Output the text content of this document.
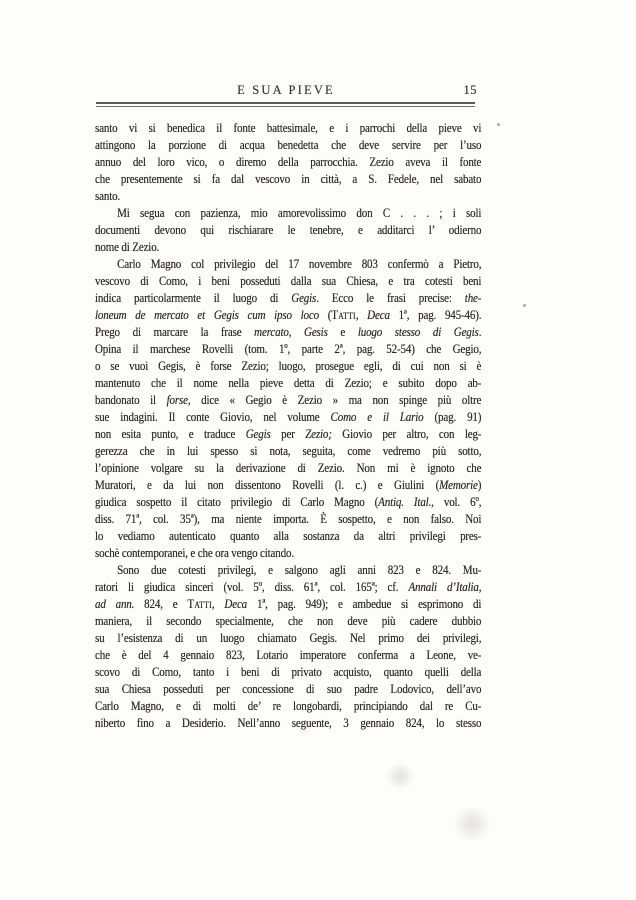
E SUA PIEVE	15
santo vi si benedica il fonte battesimale, e i parrochi della pieve vi
attingono la porzione di acqua benedetta che deve servire per l’uso
annuo del loro vico, o diremo della parrocchia. Zezio aveva il fonte
che presentemente si fa dal vescovo in città, a S. Fedele, nel sabato
santo.
Mi segua con pazienza, mio amorevolissimo don C . . . ; i soli
documenti devono qui rischiarare le tenebre, e additarci l’ odierno
nome di Zezio.
Carlo Magno col privilegio del 17 novembre 803 confermò a Pietro,
vescovo di Como, i beni posseduti dalla sua Chiesa, e tra cotesti beni
indica particolarmente il luogo di Gegis. Ecco le frasi precise: the-
loneum de mercato et Gegis cum ipso loco (Tatti, Deca 1ª, pag. 945-46).
Prego di marcare la frase mercato, Gesis e luogo stesso di Gegis.
Opina il marchese Rovelli (tom. 1º, parte 2ª, pag. 52-54) che Gegio,
o se vuoi Gegis, è forse Zezio; luogo, prosegue egli, di cui non si è
mantenuto che il nome nella pieve detta di Zezio; e subito dopo ab-
bandonato il forse, dice « Gegio è Zezio » ma non spinge più oltre
sue indagini. Il conte Giovio, nel volume Como e il Lario (pag. 91)
non esita punto, e traduce Gegis per Zezio; Giovio per altro, con leg-
gerezza che in lui spesso si nota, seguita, come vedremo più sotto,
l’opinione volgare su la derivazione di Zezio. Non mi è ignoto che
Muratori, e da lui non dissentono Rovelli (l. c.) e Giulini (Memorie)
giudica sospetto il citato privilegio di Carlo Magno (Antiq. Ital., vol. 6º,
diss. 71ª, col. 35ª), ma niente importa. È sospetto, e non falso. Noi
lo vediamo autenticato quanto alla sostanza da altri privilegi pres-
sochè contemporanei, e che ora vengo citando.
Sono due cotesti privilegi, e salgono agli anni 823 e 824. Mu-
ratori li giudica sinceri (vol. 5º, diss. 61ª, col. 165ª; cf. Annali d’Italia,
ad ann. 824, e Tatti, Deca 1ª, pag. 949); e ambedue si esprimono di
maniera, il secondo specialmente, che non deve più cadere dubbio
su l’esistenza di un luogo chiamato Gegis. Nel primo dei privilegi,
che è del 4 gennaio 823, Lotario imperatore conferma a Leone, ve-
scovo di Como, tanto i beni di privato acquisto, quanto quelli della
sua Chiesa posseduti per concessione di suo padre Lodovico, dell’avo
Carlo Magno, e di molti de’ re longobardi, principiando dal re Cu-
niberto fino a Desiderio. Nell’anno seguente, 3 gennaio 824, lo stesso
